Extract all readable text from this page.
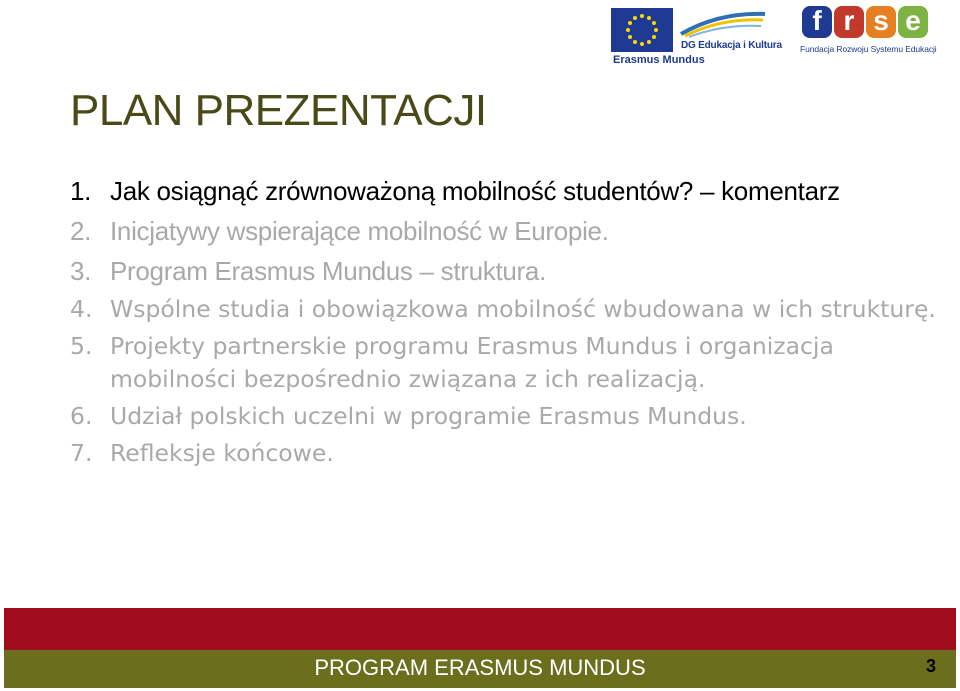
DG Edukacja i Kultura
Erasmus Mundus
f r s e
Fundacja Rozwoju Systemu Edukacji
PLAN PREZENTACJI
1. Jak osiągnąć zrównoważoną mobilność studentów? – komentarz
2. Inicjatywy wspierające mobilność w Europie.
3. Program Erasmus Mundus – struktura.
4. Wspólne studia i obowiązkowa mobilność wbudowana w ich strukturę.
5. Projekty partnerskie programu Erasmus Mundus i organizacja mobilności bezpośrednio związana z ich realizacją.
6. Udział polskich uczelni w programie Erasmus Mundus.
7. Refleksje końcowe.
PROGRAM ERASMUS MUNDUS	3
